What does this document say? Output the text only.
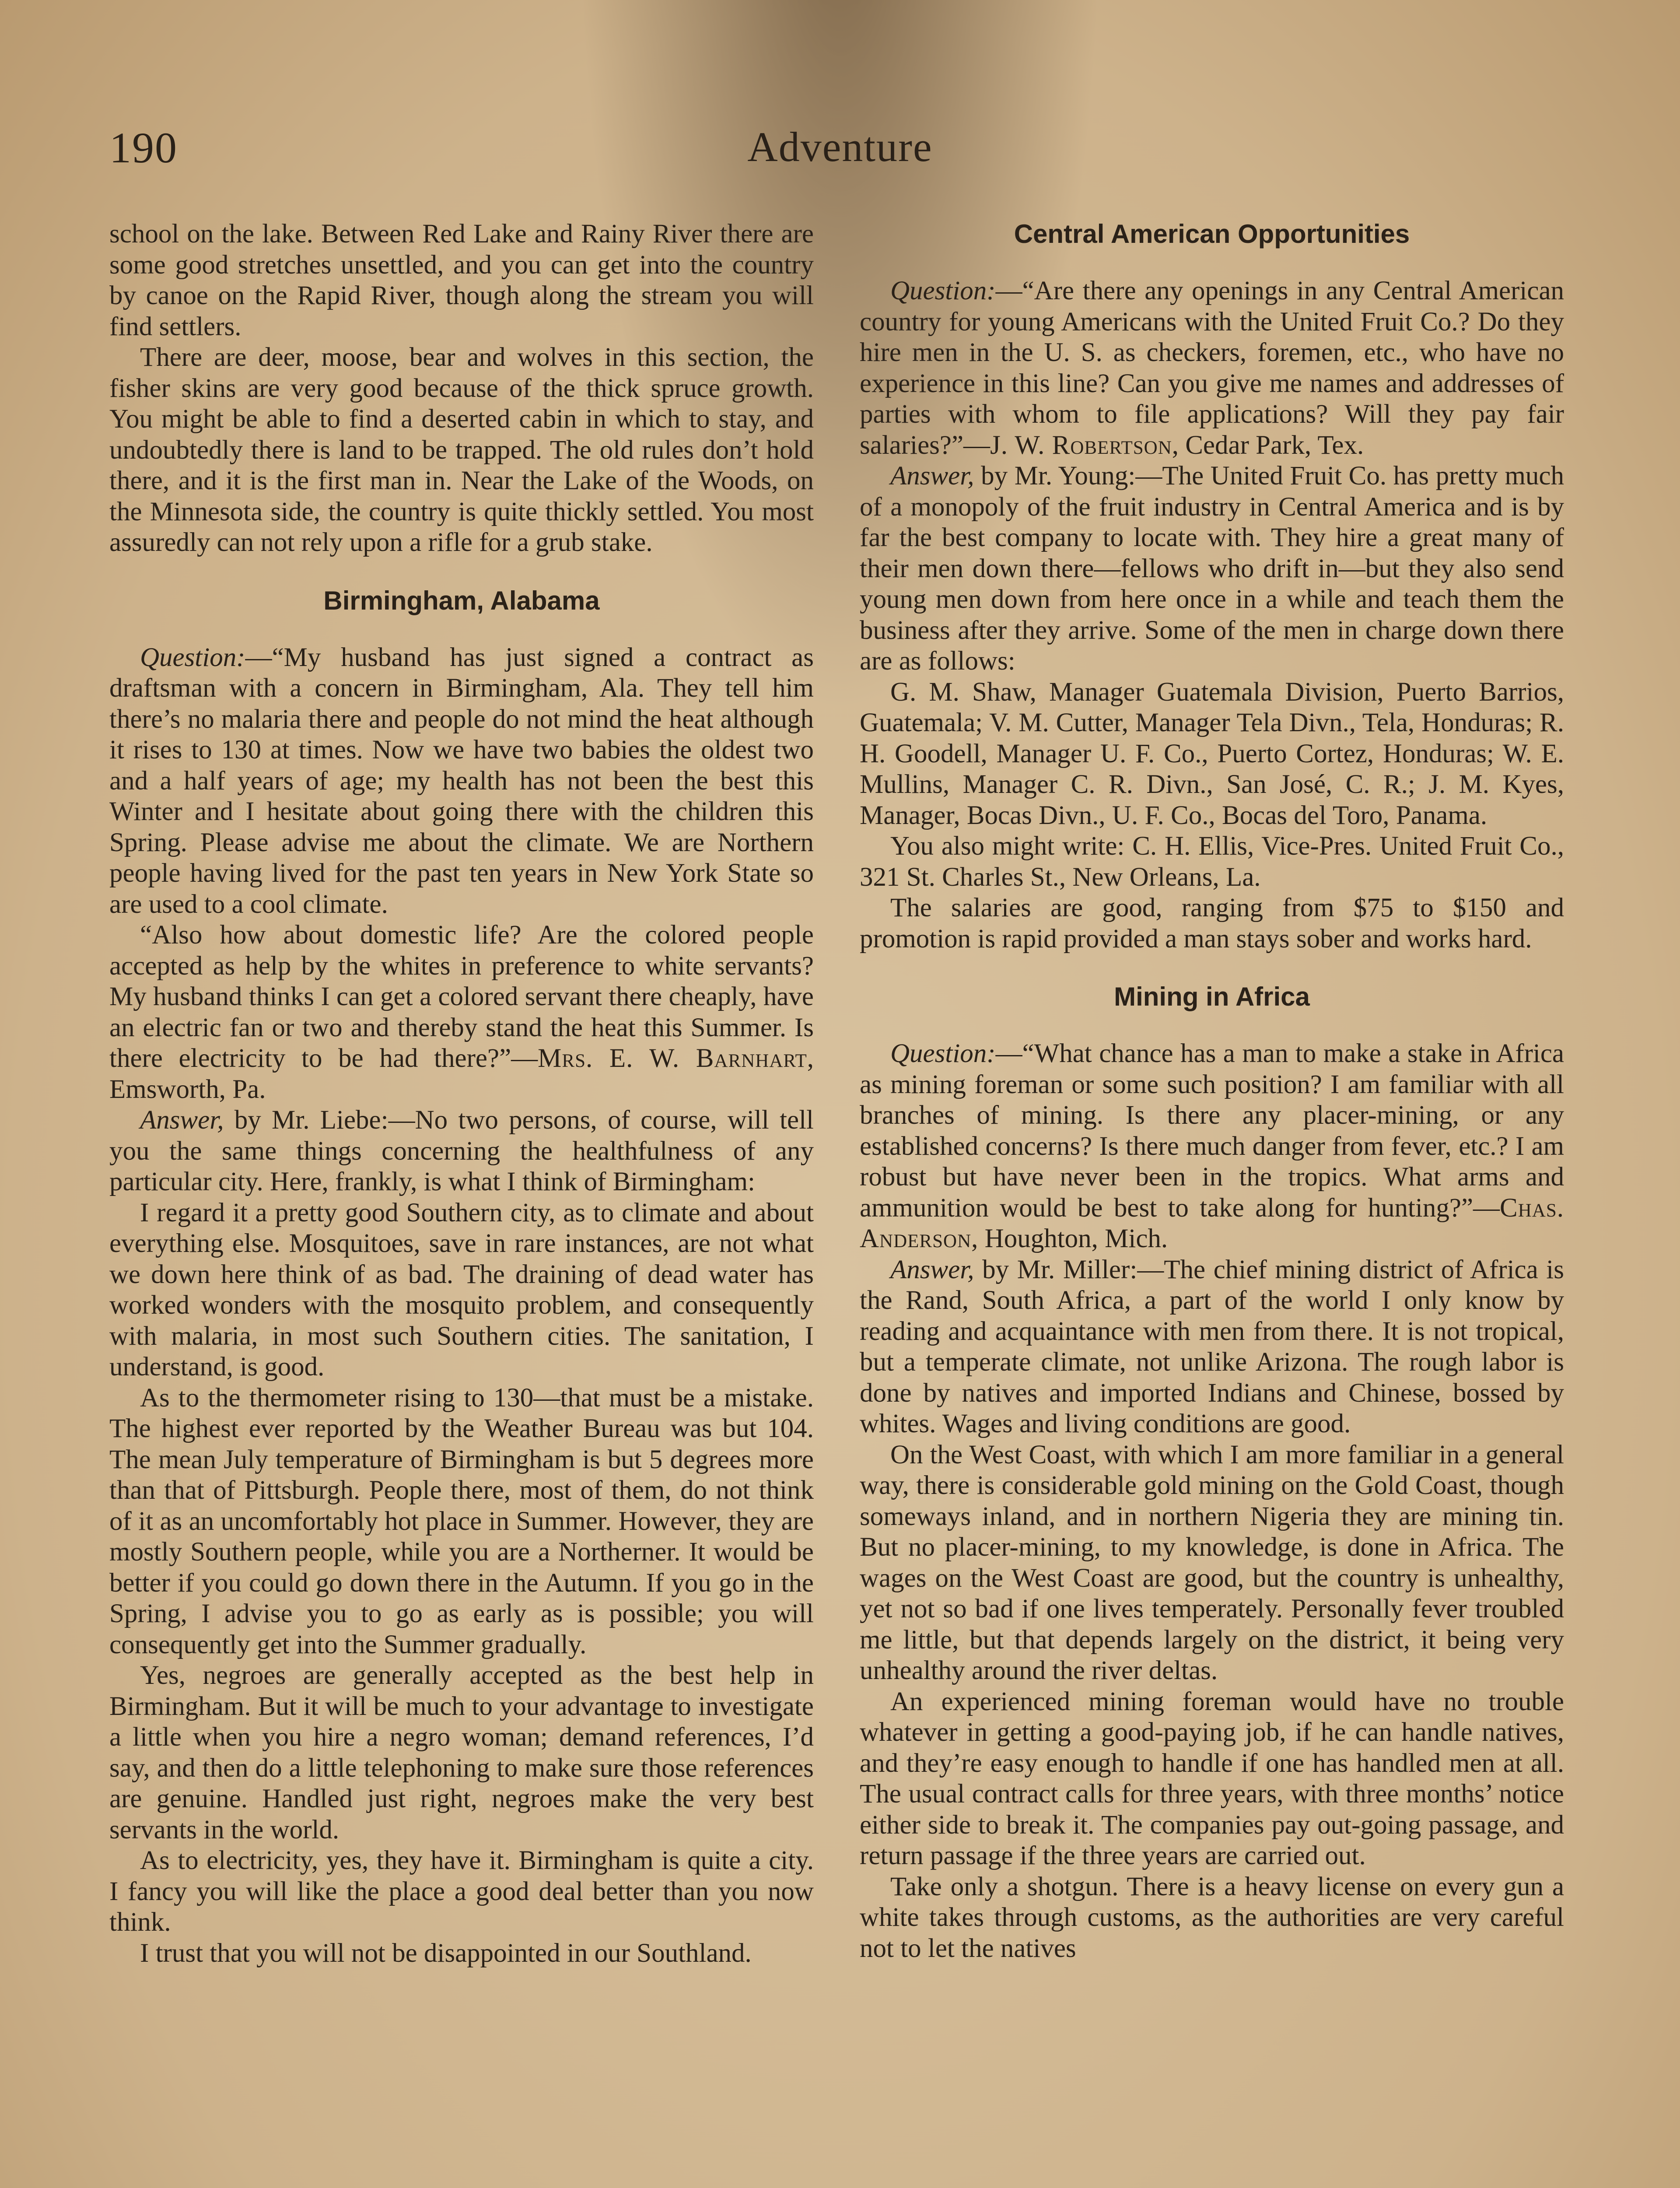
190	Adventure

school on the lake. Between Red Lake and Rainy River there are some good stretches unsettled, and you can get into the country by canoe on the Rapid River, though along the stream you will find settlers.

There are deer, moose, bear and wolves in this section, the fisher skins are very good because of the thick spruce growth. You might be able to find a deserted cabin in which to stay, and undoubtedly there is land to be trapped. The old rules don’t hold there, and it is the first man in. Near the Lake of the Woods, on the Minnesota side, the country is quite thickly settled. You most assuredly can not rely upon a rifle for a grub stake.

Birmingham, Alabama

Question:—“My husband has just signed a contract as draftsman with a concern in Birmingham, Ala. They tell him there’s no malaria there and people do not mind the heat although it rises to 130 at times. Now we have two babies the oldest two and a half years of age; my health has not been the best this Winter and I hesitate about going there with the children this Spring. Please advise me about the climate. We are Northern people having lived for the past ten years in New York State so are used to a cool climate.

“Also how about domestic life? Are the colored people accepted as help by the whites in preference to white servants? My husband thinks I can get a colored servant there cheaply, have an electric fan or two and thereby stand the heat this Summer. Is there electricity to be had there?”—Mrs. E. W. Barnhart, Emsworth, Pa.

Answer, by Mr. Liebe:—No two persons, of course, will tell you the same things concerning the healthfulness of any particular city. Here, frankly, is what I think of Birmingham:

I regard it a pretty good Southern city, as to climate and about everything else. Mosquitoes, save in rare instances, are not what we down here think of as bad. The draining of dead water has worked wonders with the mosquito problem, and consequently with malaria, in most such Southern cities. The sanitation, I understand, is good.

As to the thermometer rising to 130—that must be a mistake. The highest ever reported by the Weather Bureau was but 104. The mean July temperature of Birmingham is but 5 degrees more than that of Pittsburgh. People there, most of them, do not think of it as an uncomfortably hot place in Summer. However, they are mostly Southern people, while you are a Northerner. It would be better if you could go down there in the Autumn. If you go in the Spring, I advise you to go as early as is possible; you will consequently get into the Summer gradually.

Yes, negroes are generally accepted as the best help in Birmingham. But it will be much to your advantage to investigate a little when you hire a negro woman; demand references, I’d say, and then do a little telephoning to make sure those references are genuine. Handled just right, negroes make the very best servants in the world.

As to electricity, yes, they have it. Birmingham is quite a city. I fancy you will like the place a good deal better than you now think.

I trust that you will not be disappointed in our Southland.

Central American Opportunities

Question:—“Are there any openings in any Central American country for young Americans with the United Fruit Co.? Do they hire men in the U. S. as checkers, foremen, etc., who have no experience in this line? Can you give me names and addresses of parties with whom to file applications? Will they pay fair salaries?”—J. W. Robertson, Cedar Park, Tex.

Answer, by Mr. Young:—The United Fruit Co. has pretty much of a monopoly of the fruit industry in Central America and is by far the best company to locate with. They hire a great many of their men down there—fellows who drift in—but they also send young men down from here once in a while and teach them the business after they arrive. Some of the men in charge down there are as follows:

G. M. Shaw, Manager Guatemala Division, Puerto Barrios, Guatemala; V. M. Cutter, Manager Tela Divn., Tela, Honduras; R. H. Goodell, Manager U. F. Co., Puerto Cortez, Honduras; W. E. Mullins, Manager C. R. Divn., San José, C. R.; J. M. Kyes, Manager, Bocas Divn., U. F. Co., Bocas del Toro, Panama.

You also might write: C. H. Ellis, Vice-Pres. United Fruit Co., 321 St. Charles St., New Orleans, La.

The salaries are good, ranging from $75 to $150 and promotion is rapid provided a man stays sober and works hard.

Mining in Africa

Question:—“What chance has a man to make a stake in Africa as mining foreman or some such position? I am familiar with all branches of mining. Is there any placer-mining, or any established concerns? Is there much danger from fever, etc.? I am robust but have never been in the tropics. What arms and ammunition would be best to take along for hunting?”—Chas. Anderson, Houghton, Mich.

Answer, by Mr. Miller:—The chief mining district of Africa is the Rand, South Africa, a part of the world I only know by reading and acquaintance with men from there. It is not tropical, but a temperate climate, not unlike Arizona. The rough labor is done by natives and imported Indians and Chinese, bossed by whites. Wages and living conditions are good.

On the West Coast, with which I am more familiar in a general way, there is considerable gold mining on the Gold Coast, though someways inland, and in northern Nigeria they are mining tin. But no placer-mining, to my knowledge, is done in Africa. The wages on the West Coast are good, but the country is unhealthy, yet not so bad if one lives temperately. Personally fever troubled me little, but that depends largely on the district, it being very unhealthy around the river deltas.

An experienced mining foreman would have no trouble whatever in getting a good-paying job, if he can handle natives, and they’re easy enough to handle if one has handled men at all. The usual contract calls for three years, with three months’ notice either side to break it. The companies pay out-going passage, and return passage if the three years are carried out.

Take only a shotgun. There is a heavy license on every gun a white takes through customs, as the authorities are very careful not to let the natives
